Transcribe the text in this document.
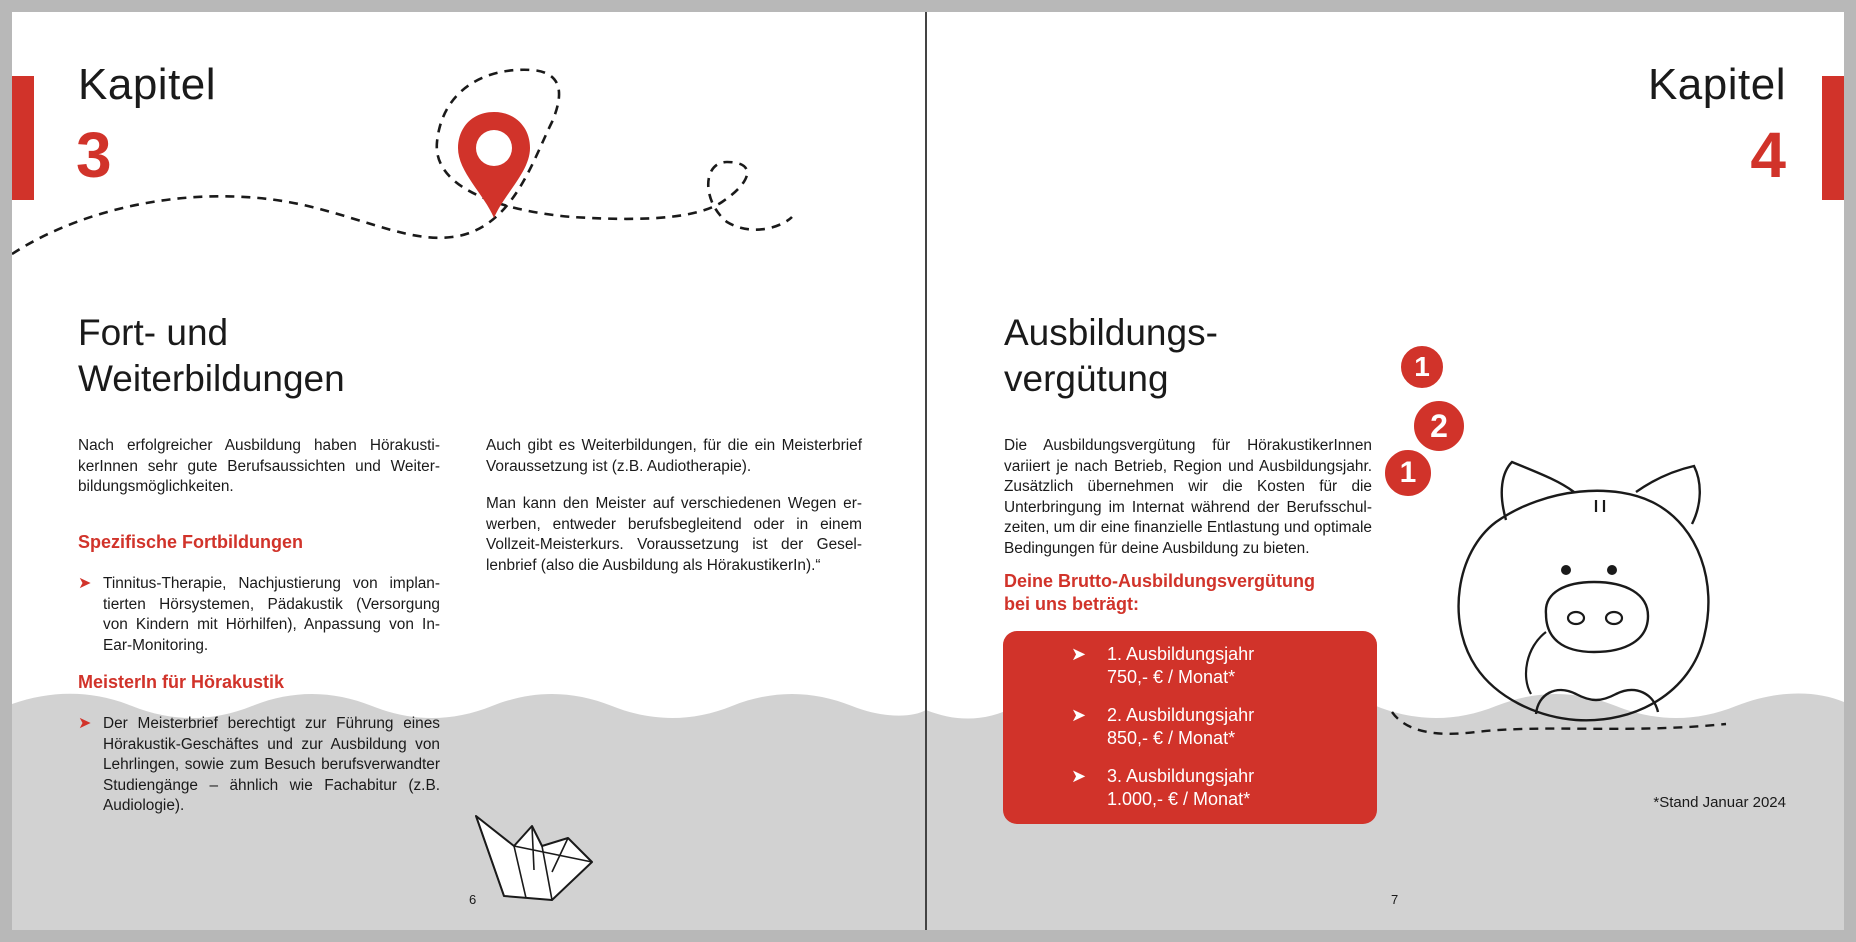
Kapitel
3
Fort- und
Weiterbildungen
Nach erfolgreicher Ausbildung haben HörakustikerInnen sehr gute Berufsaussichten und Weiterbildungsmöglichkeiten.
Spezifische Fortbildungen
➤ Tinnitus-Therapie, Nachjustierung von implantierten Hörsystemen, Pädakustik (Versorgung von Kindern mit Hörhilfen), Anpassung von In-Ear-Monitoring.
MeisterIn für Hörakustik
➤ Der Meisterbrief berechtigt zur Führung eines Hörakustik-Geschäftes und zur Ausbildung von Lehrlingen, sowie zum Besuch berufsverwandter Studiengänge – ähnlich wie Fachabitur (z.B. Audiologie).
Auch gibt es Weiterbildungen, für die ein Meisterbrief Voraussetzung ist (z.B. Audiotherapie).
Man kann den Meister auf verschiedenen Wegen erwerben, entweder berufsbegleitend oder in einem Vollzeit-Meisterkurs. Voraussetzung ist der Gesellenbrief (also die Ausbildung als HörakustikerIn).“
6
Kapitel
4
Ausbildungs-
vergütung
Die Ausbildungsvergütung für HörakustikerInnen variiert je nach Betrieb, Region und Ausbildungsjahr. Zusätzlich übernehmen wir die Kosten für die Unterbringung im Internat während der Berufsschulzeiten, um dir eine finanzielle Entlastung und optimale Bedingungen für deine Ausbildung zu bieten.
Deine Brutto-Ausbildungsvergütung
bei uns beträgt:
➤ 1. Ausbildungsjahr
750,- € / Monat*
➤ 2. Ausbildungsjahr
850,- € / Monat*
➤ 3. Ausbildungsjahr
1.000,- € / Monat*
1
2
1
*Stand Januar 2024
7
